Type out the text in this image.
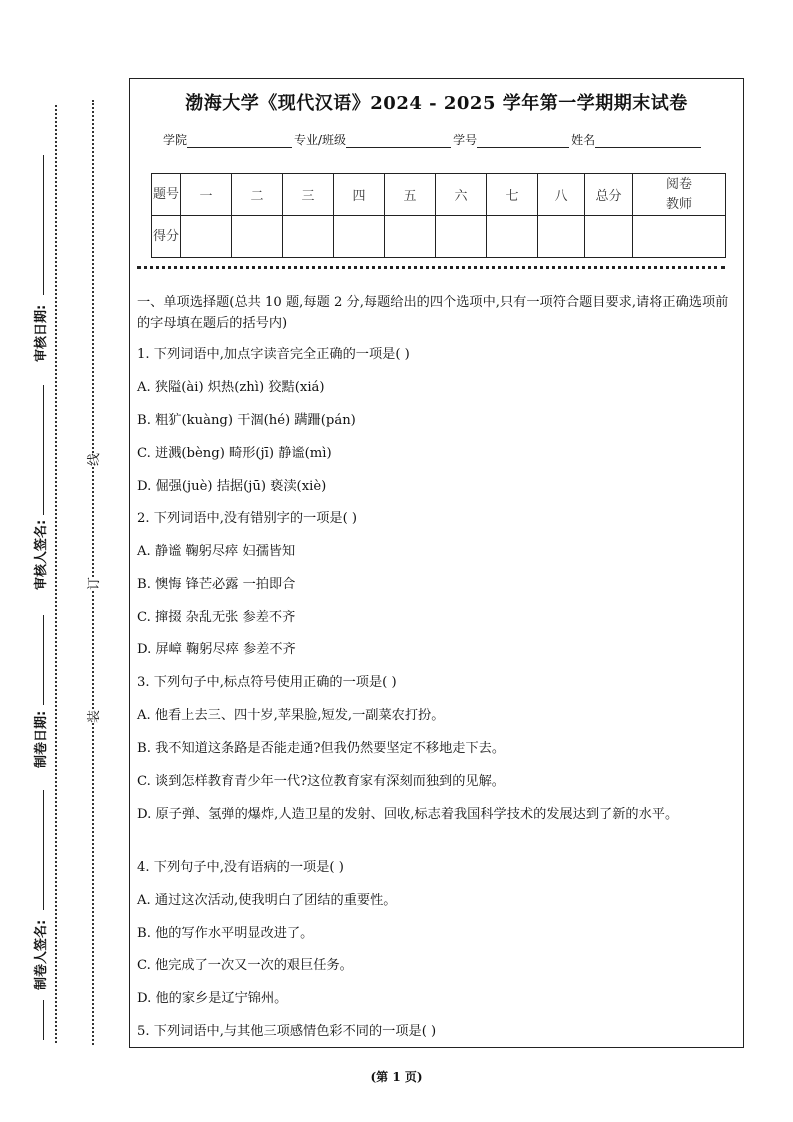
审核日期:
审核人签名:
制卷日期:
制卷人签名:
线
订
装
渤海大学《现代汉语》2024 - 2025 学年第一学期期末试卷
学院	专业/班级	学号	姓名
题号	一	二	三	四	五	六	七	八	总分	阅卷教师
得分										
一、单项选择题(总共 10 题,每题 2 分,每题给出的四个选项中,只有一项符合题目要求,请将正确选项前的字母填在题后的括号内)
1. 下列词语中,加点字读音完全正确的一项是( )
A. 狭隘(ài) 炽热(zhì) 狡黠(xiá)
B. 粗犷(kuàng) 干涸(hé) 蹒跚(pán)
C. 迸溅(bèng) 畸形(jī) 静谧(mì)
D. 倔强(juè) 拮据(jū) 亵渎(xiè)
2. 下列词语中,没有错别字的一项是( )
A. 静谧 鞠躬尽瘁 妇孺皆知
B. 懊悔 锋芒必露 一拍即合
C. 撺掇 杂乱无张 参差不齐
D. 屏嶂 鞠躬尽瘁 参差不齐
3. 下列句子中,标点符号使用正确的一项是( )
A. 他看上去三、四十岁,苹果脸,短发,一副菜农打扮。
B. 我不知道这条路是否能走通?但我仍然要坚定不移地走下去。
C. 谈到怎样教育青少年一代?这位教育家有深刻而独到的见解。
D. 原子弹、氢弹的爆炸,人造卫星的发射、回收,标志着我国科学技术的发展达到了新的水平。
4. 下列句子中,没有语病的一项是( )
A. 通过这次活动,使我明白了团结的重要性。
B. 他的写作水平明显改进了。
C. 他完成了一次又一次的艰巨任务。
D. 他的家乡是辽宁锦州。
5. 下列词语中,与其他三项感情色彩不同的一项是( )
(第 1 页)
